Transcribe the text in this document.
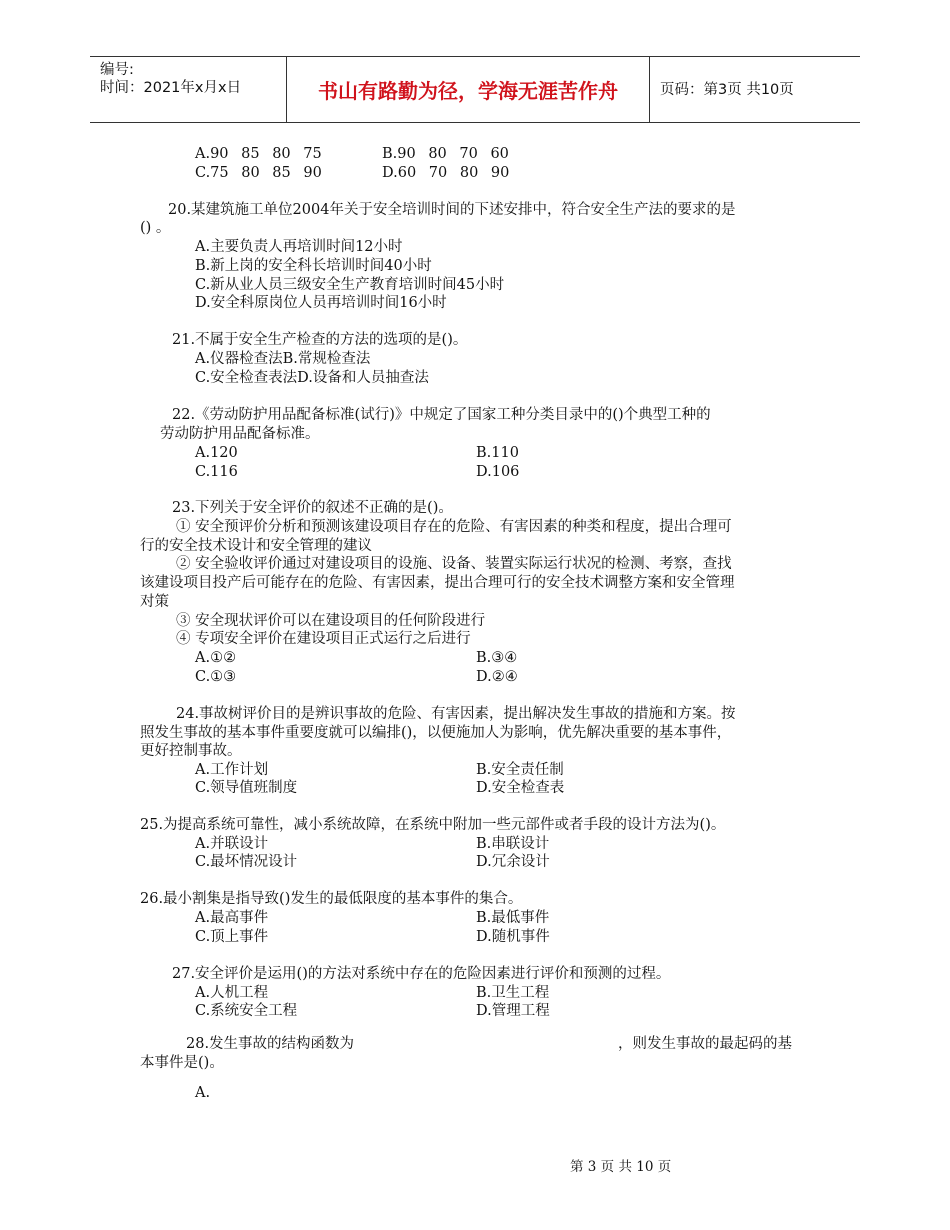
编号:
时间：2021年x月x日	书山有路勤为径，学海无涯苦作舟	页码：第3页 共10页
A.90 85 80 75	B.90 80 70 60
C.75 80 85 90	D.60 70 80 90
20.某建筑施工单位2004年关于安全培训时间的下述安排中，符合安全生产法的要求的是
() 。
A.主要负责人再培训时间12小时
B.新上岗的安全科长培训时间40小时
C.新从业人员三级安全生产教育培训时间45小时
D.安全科原岗位人员再培训时间16小时
21.不属于安全生产检查的方法的选项的是()。
A.仪器检查法B.常规检查法
C.安全检查表法D.设备和人员抽查法
22.《劳动防护用品配备标准(试行)》中规定了国家工种分类目录中的()个典型工种的
劳动防护用品配备标准。
A.120	B.110
C.116	D.106
23.下列关于安全评价的叙述不正确的是()。
① 安全预评价分析和预测该建设项目存在的危险、有害因素的种类和程度，提出合理可
行的安全技术设计和安全管理的建议
② 安全验收评价通过对建设项目的设施、设备、装置实际运行状况的检测、考察，查找
该建设项目投产后可能存在的危险、有害因素，提出合理可行的安全技术调整方案和安全管理
对策
③ 安全现状评价可以在建设项目的任何阶段进行
④ 专项安全评价在建设项目正式运行之后进行
A.①②	B.③④
C.①③	D.②④
24.事故树评价目的是辨识事故的危险、有害因素，提出解决发生事故的措施和方案。按
照发生事故的基本事件重要度就可以编排()，以便施加人为影响，优先解决重要的基本事件，
更好控制事故。
A.工作计划	B.安全责任制
C.领导值班制度	D.安全检查表
25.为提高系统可靠性，减小系统故障，在系统中附加一些元部件或者手段的设计方法为()。
A.并联设计	B.串联设计
C.最坏情况设计	D.冗余设计
26.最小割集是指导致()发生的最低限度的基本事件的集合。
A.最高事件	B.最低事件
C.顶上事件	D.随机事件
27.安全评价是运用()的方法对系统中存在的危险因素进行评价和预测的过程。
A.人机工程	B.卫生工程
C.系统安全工程	D.管理工程
28.发生事故的结构函数为	，则发生事故的最起码的基
本事件是()。
A.
第 3 页 共 10 页
